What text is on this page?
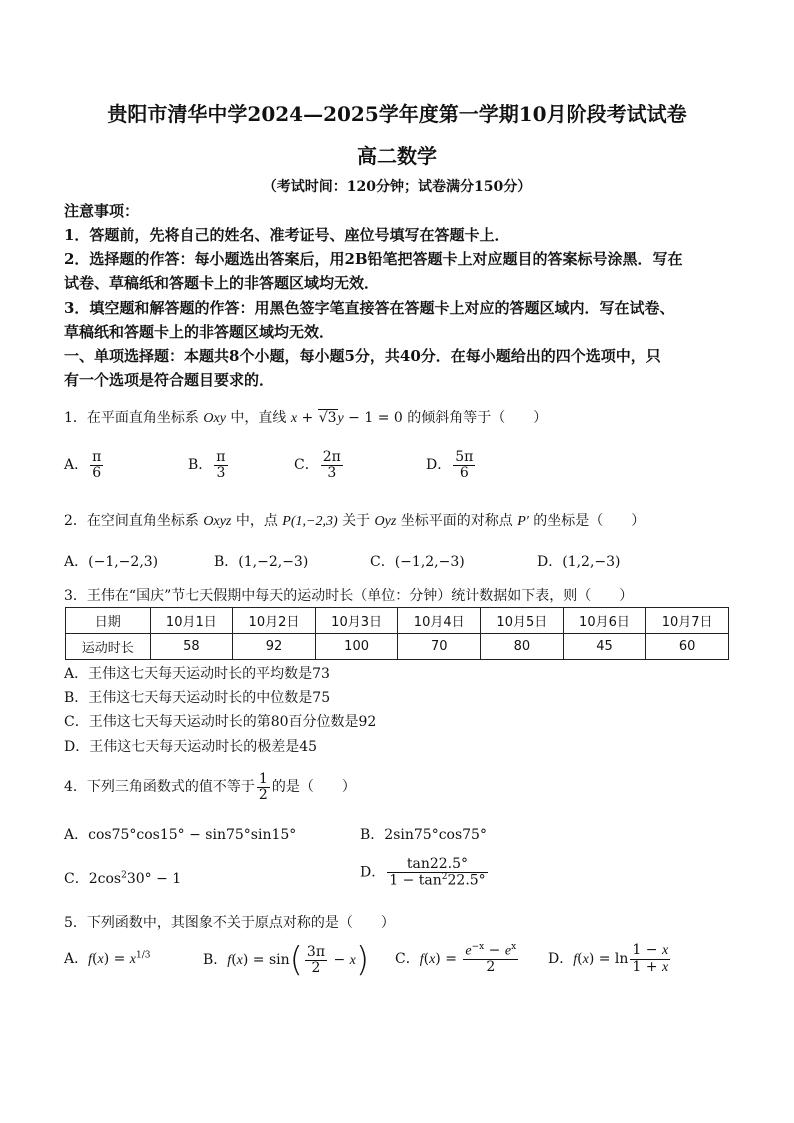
贵阳市清华中学2024—2025学年度第一学期10月阶段考试试卷
高二数学
（考试时间：120分钟；试卷满分150分）
注意事项：
1．答题前，先将自己的姓名、准考证号、座位号填写在答题卡上．
2．选择题的作答：每小题选出答案后，用2B铅笔把答题卡上对应题目的答案标号涂黑．写在
试卷、草稿纸和答题卡上的非答题区域均无效．
3．填空题和解答题的作答：用黑色签字笔直接答在答题卡上对应的答题区域内．写在试卷、
草稿纸和答题卡上的非答题区域均无效．
一、单项选择题：本题共8个小题，每小题5分，共40分．在每小题给出的四个选项中，只
有一个选项是符合题目要求的．
1．在平面直角坐标系 Oxy 中，直线 x + √3y − 1 = 0 的倾斜角等于（　　）
A． $\frac{\pi}{6}$	B． $\frac{\pi}{3}$	C． $\frac{2\pi}{3}$	D． $\frac{5\pi}{6}$
2．在空间直角坐标系 Oxyz 中，点 P(1,−2,3) 关于 Oyz 坐标平面的对称点 P′ 的坐标是（　　）
A．(−1,−2,3)	B．(1,−2,−3)	C．(−1,2,−3)	D．(1,2,−3)
3．王伟在“国庆”节七天假期中每天的运动时长（单位：分钟）统计数据如下表，则（　　）
日期	10月1日	10月2日	10月3日	10月4日	10月5日	10月6日	10月7日
运动时长	58	92	100	70	80	45	60
A．王伟这七天每天运动时长的平均数是73
B．王伟这七天每天运动时长的中位数是75
C．王伟这七天每天运动时长的第80百分位数是92
D．王伟这七天每天运动时长的极差是45
4．下列三角函数式的值不等于 $\frac{1}{2}$ 的是（　　）
A．cos75°cos15° − sin75°sin15°	B．2sin75°cos75°
C．$2\cos^230^\circ - 1$	D． $\frac{\tan 22.5^\circ}{1 - \tan^222.5^\circ}$
5．下列函数中，其图象不关于原点对称的是（　　）
A．$f(x) = x^{1/3}$	B．$f(x) = \sin( \frac{3\pi}{2} - x)$ C．$f(x) = \frac{e^{-x} - e^x}{2}$ D．$f(x) = \ln \frac{1 - x}{1 + x}$
